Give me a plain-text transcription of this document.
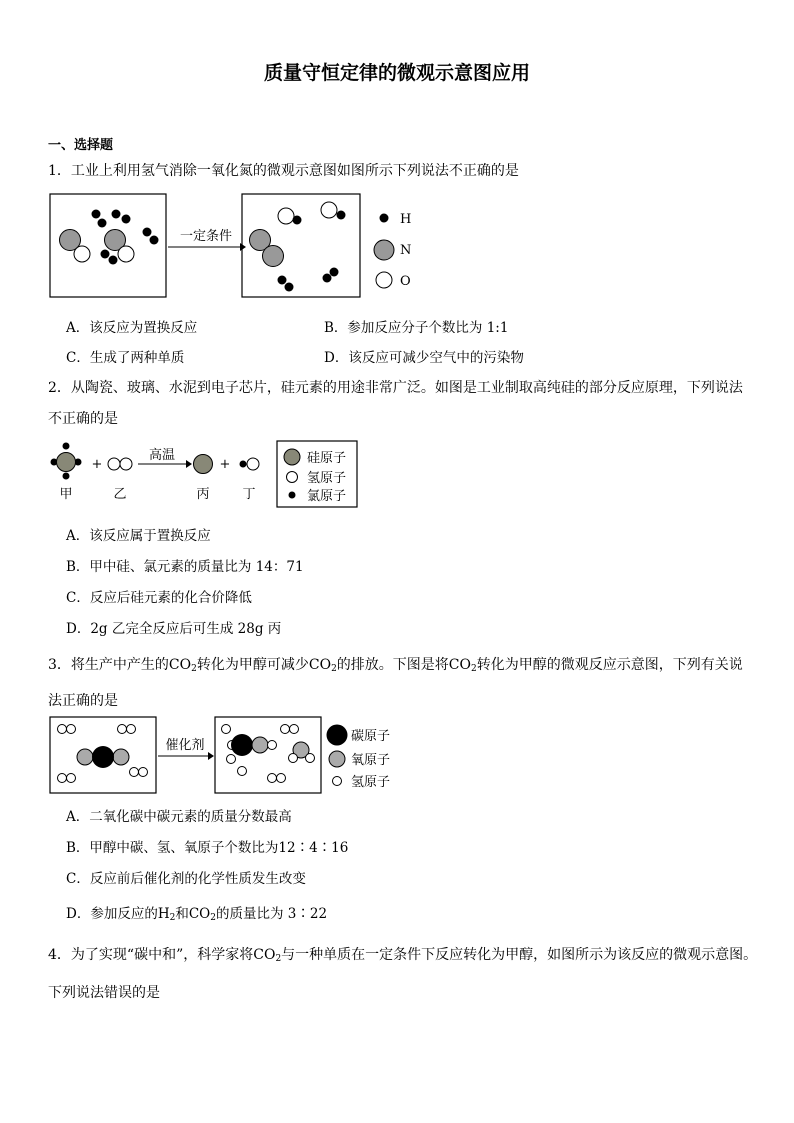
质量守恒定律的微观示意图应用
一、选择题
1．工业上利用氢气消除一氧化氮的微观示意图如图所示下列说法不正确的是
一定条件
H
N
O
A．该反应为置换反应	B．参加反应分子个数比为 1:1
C．生成了两种单质	D．该反应可减少空气中的污染物
2．从陶瓷、玻璃、水泥到电子芯片，硅元素的用途非常广泛。如图是工业制取高纯硅的部分反应原理，下列说法
不正确的是
甲
+
乙
高温
丙
+
丁
硅原子
氢原子
氯原子
A．该反应属于置换反应
B．甲中硅、氯元素的质量比为 14：71
C．反应后硅元素的化合价降低
D．2g 乙完全反应后可生成 28g 丙
3．将生产中产生的$CO_2$转化为甲醇可减少$CO_2$的排放。下图是将$CO_2$转化为甲醇的微观反应示意图，下列有关说
法正确的是
催化剂
碳原子
氧原子
氢原子
A．二氧化碳中碳元素的质量分数最高
B．甲醇中碳、氢、氧原子个数比为12∶4∶16
C．反应前后催化剂的化学性质发生改变
D．参加反应的$H_2$和$CO_2$的质量比为 3∶22
4．为了实现“碳中和”，科学家将$CO_2$与一种单质在一定条件下反应转化为甲醇，如图所示为该反应的微观示意图。
下列说法错误的是
